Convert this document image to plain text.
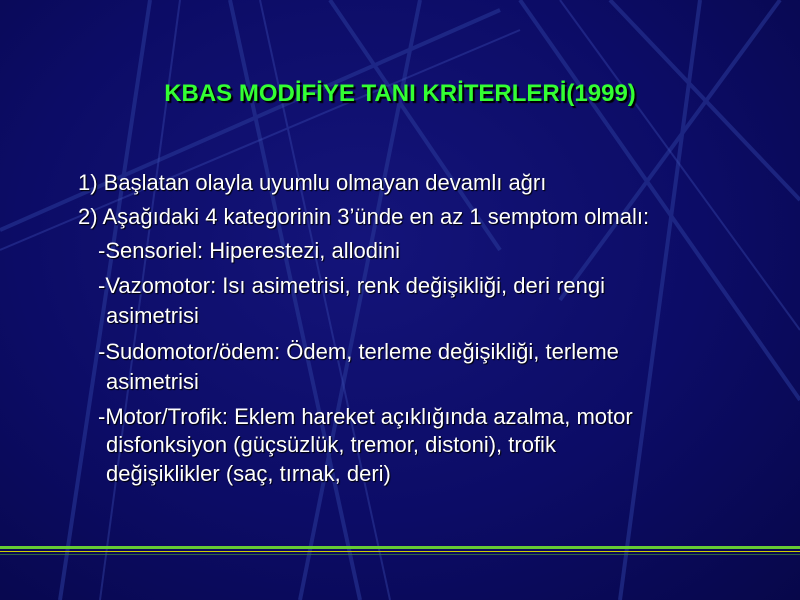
KBAS MODİFİYE TANI KRİTERLERİ(1999)
1) Başlatan olayla uyumlu olmayan devamlı ağrı
2) Aşağıdaki 4 kategorinin 3’ünde en az 1 semptom olmalı:
-Sensoriel: Hiperestezi, allodini
-Vazomotor: Isı asimetrisi, renk değişikliği, deri rengi
asimetrisi
-Sudomotor/ödem: Ödem, terleme değişikliği, terleme
asimetrisi
-Motor/Trofik: Eklem hareket açıklığında azalma, motor
disfonksiyon (güçsüzlük, tremor, distoni), trofik
değişiklikler (saç, tırnak, deri)
